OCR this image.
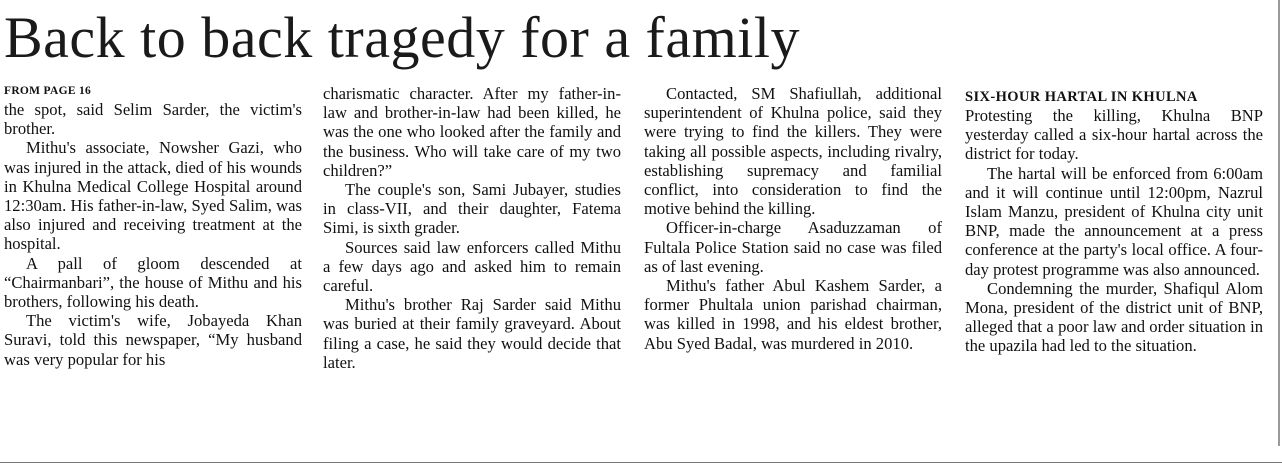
Back to back tragedy for a family
FROM PAGE 16

the spot, said Selim Sarder, the victim's brother.

Mithu's associate, Nowsher Gazi, who was injured in the attack, died of his wounds in Khulna Medical College Hospital around 12:30am. His father-in-law, Syed Salim, was also injured and receiving treatment at the hospital.

A pall of gloom descended at “Chairmanbari”, the house of Mithu and his brothers, following his death.

The victim's wife, Jobayeda Khan Suravi, told this newspaper, “My husband was very popular for his

charismatic character. After my father-in-law and brother-in-law had been killed, he was the one who looked after the family and the business. Who will take care of my two children?”

The couple's son, Sami Jubayer, studies in class-VII, and their daughter, Fatema Simi, is sixth grader.

Sources said law enforcers called Mithu a few days ago and asked him to remain careful.

Mithu's brother Raj Sarder said Mithu was buried at their family graveyard. About filing a case, he said they would decide that later.

Contacted, SM Shafiullah, additional superintendent of Khulna police, said they were trying to find the killers. They were taking all possible aspects, including rivalry, establishing supremacy and familial conflict, into consideration to find the motive behind the killing.

Officer-in-charge Asaduzzaman of Fultala Police Station said no case was filed as of last evening.

Mithu's father Abul Kashem Sarder, a former Phultala union parishad chairman, was killed in 1998, and his eldest brother, Abu Syed Badal, was murdered in 2010.

SIX-HOUR HARTAL IN KHULNA

Protesting the killing, Khulna BNP yesterday called a six-hour hartal across the district for today.

The hartal will be enforced from 6:00am and it will continue until 12:00pm, Nazrul Islam Manzu, president of Khulna city unit BNP, made the announcement at a press conference at the party's local office. A four-day protest programme was also announced.

Condemning the murder, Shafiqul Alom Mona, president of the district unit of BNP, alleged that a poor law and order situation in the upazila had led to the situation.
